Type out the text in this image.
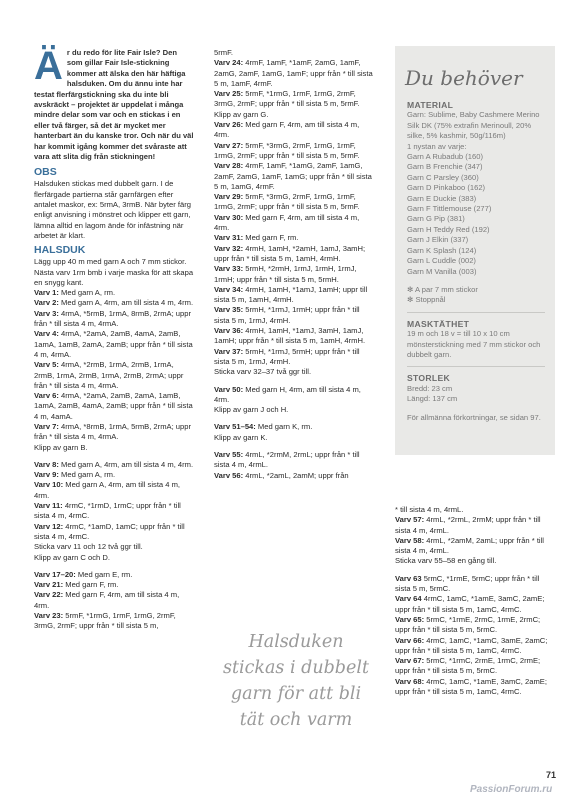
Är du redo för lite Fair Isle? Den som gillar Fair Isle-stickning kommer att älska den här häftiga halsduken. Om du ännu inte har testat flerfärgstickning ska du inte bli avskräckt – projektet är uppdelat i många mindre delar som var och en stickas i en eller två färger, så det är mycket mer hanterbart än du kanske tror. Och när du väl har kommit igång kommer det svåraste att vara att slita dig från stickningen!

OBS

Halsduken stickas med dubbelt garn. I de flerfärgade partierna står garnfärgen efter antalet maskor, ex: 5rmA, 3rmB. När byter färg enligt anvisning i mönstret och klipper ett garn, lämna alltid en lagom ände för infästning när arbetet är klart.

HALSDUK

Lägg upp 40 m med garn A och 7 mm stickor.

Nästa varv 1rm bmb i varje maska för att skapa en snygg kant.

Varv 1: Med garn A, rm.

Varv 2: Med garn A, 4rm, am till sista 4 m, 4rm.

Varv 3: 4rmA, *5rmB, 1rmA, 8rmB, 2rmA; uppr från * till sista 4 m, 4rmA.

Varv 4: 4rmA, *2amA, 2amB, 4amA, 2amB, 1amA, 1amB, 2amA, 2amB; uppr från * till sista 4 m, 4rmA.

Varv 5: 4rmA, *2rmB, 1rmA, 2rmB, 1rmA, 2rmB, 1rmA, 2rmB, 1rmA, 2rmB, 2rmA; uppr från * till sista 4 m, 4rmA.

Varv 6: 4rmA, *2amA, 2amB, 2amA, 1amB, 1amA, 2amB, 4amA, 2amB; uppr från * till sista 4 m, 4amA.

Varv 7: 4rmA, *8rmB, 1rmA, 5rmB, 2rmA; uppr från * till sista 4 m, 4rmA.

Klipp av garn B.

Varv 8: Med garn A, 4rm, am till sista 4 m, 4rm.

Varv 9: Med garn A, rm.

Varv 10: Med garn A, 4rm, am till sista 4 m, 4rm.

Varv 11: 4rmC, *1rmD, 1rmC; uppr från * till sista 4 m, 4rmC.

Varv 12: 4rmC, *1amD, 1amC; uppr från * till sista 4 m, 4rmC.

Sticka varv 11 och 12 två ggr till.

Klipp av garn C och D.

Varv 17–20: Med garn E, rm.

Varv 21: Med garn F, rm.

Varv 22: Med garn F, 4rm, am till sista 4 m, 4rm.

Varv 23: 5rmF, *1rmG, 1rmF, 1rmG, 2rmF, 3rmG, 2rmF; uppr från * till sista 5 m,

5rmF.

Varv 24: 4rmF, 1amF, *1amF, 2amG, 1amF, 2amG, 2amF, 1amG, 1amF; uppr från * till sista 5 m, 1amF, 4rmF.

Varv 25: 5rmF, *1rmG, 1rmF, 1rmG, 2rmF, 3rmG, 2rmF; uppr från * till sista 5 m, 5rmF.

Klipp av garn G.

Varv 26: Med garn F, 4rm, am till sista 4 m, 4rm.

Varv 27: 5rmF, *3rmG, 2rmF, 1rmG, 1rmF, 1rmG, 2rmF; uppr från * till sista 5 m, 5rmF.

Varv 28: 4rmF, 1amF, *1amG, 2amF, 1amG, 2amF, 2amG, 1amF, 1amG; uppr från * till sista 5 m, 1amG, 4rmF.

Varv 29: 5rmF, *3rmG, 2rmF, 1rmG, 1rmF, 1rmG, 2rmF; uppr från * till sista 5 m, 5rmF.

Varv 30: Med garn F, 4rm, am till sista 4 m, 4rm.

Varv 31: Med garn F, rm.

Varv 32: 4rmH, 1amH, *2amH, 1amJ, 3amH; uppr från * till sista 5 m, 1amH, 4rmH.

Varv 33: 5rmH, *2rmH, 1rmJ, 1rmH, 1rmJ, 1rmH; uppr från * till sista 5 m, 5rmH.

Varv 34: 4rmH, 1amH, *1amJ, 1amH; uppr till sista 5 m, 1amH, 4rmH.

Varv 35: 5rmH, *1rmJ, 1rmH; uppr från * till sista 5 m, 1rmJ, 4rmH.

Varv 36: 4rmH, 1amH, *1amJ, 3amH, 1amJ, 1amH; uppr från * till sista 5 m, 1amH, 4rmH.

Varv 37: 5rmH, *1rmJ, 5rmH; uppr från * till sista 5 m, 1rmJ, 4rmH.

Sticka varv 32–37 två ggr till.

Varv 50: Med garn H, 4rm, am till sista 4 m, 4rm.

Klipp av garn J och H.

Varv 51–54: Med garn K, rm.

Klipp av garn K.

Varv 55: 4rmL, *2rmM, 2rmL; uppr från * till sista 4 m, 4rmL.

Varv 56: 4rmL, *2amL, 2amM; uppr från

Halsduken stickas i dubbelt garn för att bli tät och varm
Du behöver
MATERIAL

Garn: Sublime, Baby Cashmere Merino Silk DK (75% extrafin Merinoull, 20% silke, 5% kashmir, 50g/116m)

1 nystan av varje:

Garn A Rubadub (160)

Garn B Frenchie (347)

Garn C Parsley (360)

Garn D Pinkaboo (162)

Garn E Duckie (383)

Garn F Tittlemouse (277)

Garn G Pip (381)

Garn H Teddy Red (192)

Garn J Elkin (337)

Garn K Splash (124)

Garn L Cuddle (002)

Garn M Vanilla (003)

✻ A par 7 mm stickor

✻ Stoppnål

MASKTÄTHET

19 m och 18 v = till 10 x 10 cm mönsterstickning med 7 mm stickor och dubbelt garn.

STORLEK

Bredd: 23 cm

Längd: 137 cm

För allmänna förkortningar, se sidan 97.

* till sista 4 m, 4rmL.

Varv 57: 4rmL, *2rmL, 2rmM; uppr från * till sista 4 m, 4rmL.

Varv 58: 4rmL, *2amM, 2amL; uppr från * till sista 4 m, 4rmL.

Sticka varv 55–58 en gång till.

Varv 63 5rmC, *1rmE, 5rmC; uppr från * till sista 5 m, 5rmC.

Varv 64 4rmC, 1amC, *1amE, 3amC, 2amE; uppr från * till sista 5 m, 1amC, 4rmC.

Varv 65: 5rmC, *1rmE, 2rmC, 1rmE, 2rmC; uppr från * till sista 5 m, 5rmC.

Varv 66: 4rmC, 1amC, *1amC, 3amE, 2amC; uppr från * till sista 5 m, 1amC, 4rmC.

Varv 67: 5rmC, *1rmC, 2rmE, 1rmC, 2rmE; uppr från * till sista 5 m, 5rmC.

Varv 68: 4rmC, 1amC, *1amE, 3amC, 2amE; uppr från * till sista 5 m, 1amC, 4rmC.

71
PassionForum.ru
